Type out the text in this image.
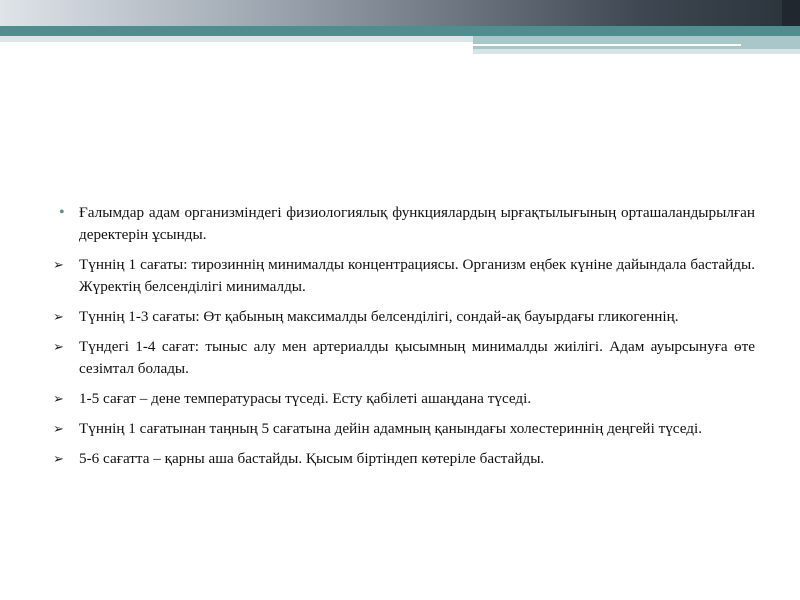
• Ғалымдар адам организміндегі физиологиялық функциялардың ырғақтылығының орташаландырылған деректерін ұсынды.
➢ Түннің 1 сағаты: тирозиннің минималды концентрациясы. Организм еңбек күніне дайындала бастайды. Жүректің белсенділігі минималды.
➢ Түннің 1-3 сағаты: Өт қабының максималды белсенділігі, сондай-ақ бауырдағы гликогеннің.
➢ Түндегі 1-4 сағат: тыныс алу мен артериалды қысымның минималды жиілігі. Адам ауырсынуға өте сезімтал болады.
➢ 1-5 сағат – дене температурасы түседі. Есту қабілеті ашаңдана түседі.
➢ Түннің 1 сағатынан таңның 5 сағатына дейін адамның қанындағы холестериннің деңгейі түседі.
➢ 5-6 сағатта – қарны аша бастайды. Қысым біртіндеп көтеріле бастайды.
